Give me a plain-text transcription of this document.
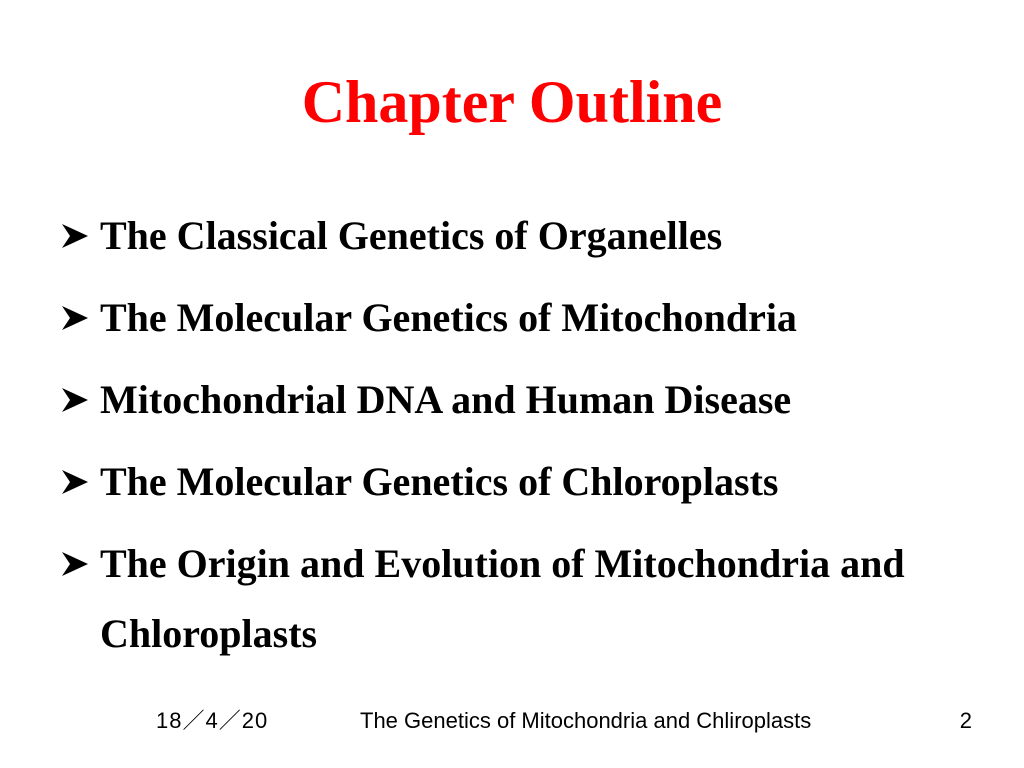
Chapter Outline
The Classical Genetics of Organelles
The Molecular Genetics of Mitochondria
Mitochondrial DNA and Human Disease
The Molecular Genetics of Chloroplasts
The Origin and Evolution of Mitochondria and Chloroplasts
18／4／20	The Genetics of Mitochondria and Chliroplasts	2
